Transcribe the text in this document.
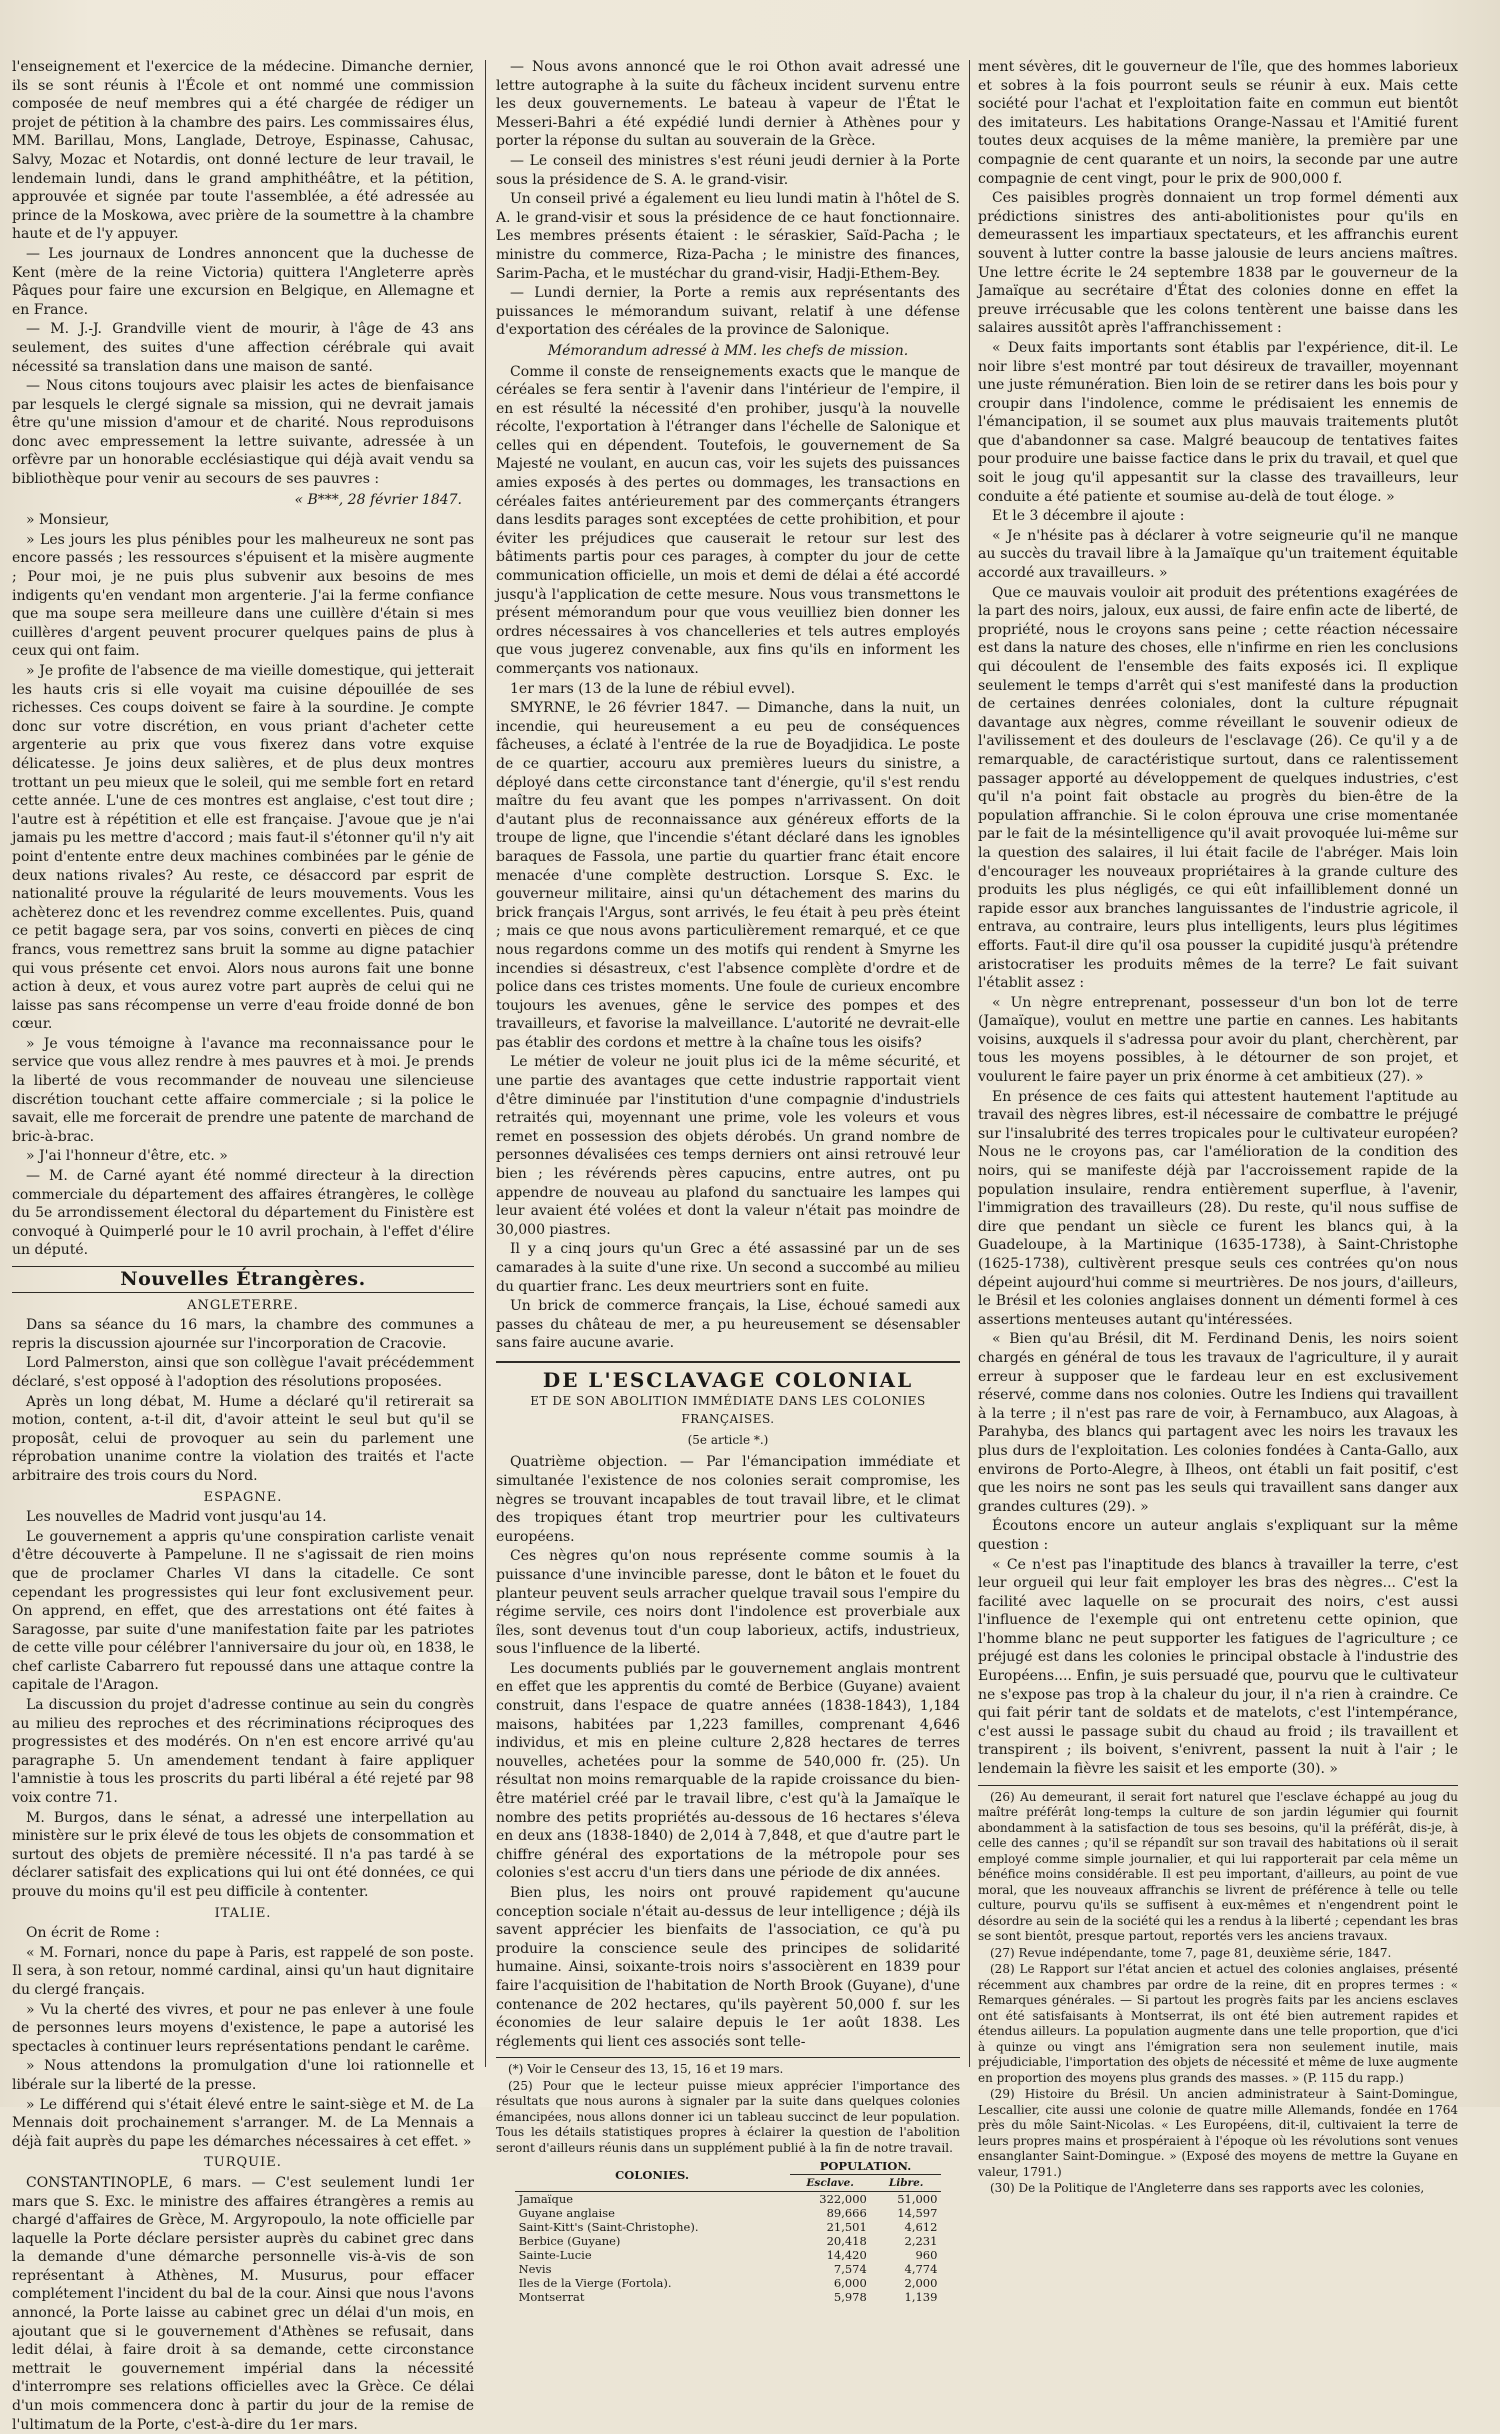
l'enseignement et l'exercice de la médecine. Dimanche dernier, ils se sont réunis à l'École et ont nommé une commission composée de neuf membres qui a été chargée de rédiger un projet de pétition à la chambre des pairs. Les commissaires élus, MM. Barillau, Mons, Langlade, Detroye, Espinasse, Cahusac, Salvy, Mozac et Notardis, ont donné lecture de leur travail, le lendemain lundi, dans le grand amphithéâtre, et la pétition, approuvée et signée par toute l'assemblée, a été adressée au prince de la Moskowa, avec prière de la soumettre à la chambre haute et de l'y appuyer.

— Les journaux de Londres annoncent que la duchesse de Kent (mère de la reine Victoria) quittera l'Angleterre après Pâques pour faire une excursion en Belgique, en Allemagne et en France.

— M. J.-J. Grandville vient de mourir, à l'âge de 43 ans seulement, des suites d'une affection cérébrale qui avait nécessité sa translation dans une maison de santé.

— Nous citons toujours avec plaisir les actes de bienfaisance par lesquels le clergé signale sa mission, qui ne devrait jamais être qu'une mission d'amour et de charité. Nous reproduisons donc avec empressement la lettre suivante, adressée à un orfèvre par un honorable ecclésiastique qui déjà avait vendu sa bibliothèque pour venir au secours de ses pauvres :

« B***, 28 février 1847.

» Monsieur,

» Les jours les plus pénibles pour les malheureux ne sont pas encore passés ; les ressources s'épuisent et la misère augmente ; Pour moi, je ne puis plus subvenir aux besoins de mes indigents qu'en vendant mon argenterie. J'ai la ferme confiance que ma soupe sera meilleure dans une cuillère d'étain si mes cuillères d'argent peuvent procurer quelques pains de plus à ceux qui ont faim.

» Je profite de l'absence de ma vieille domestique, qui jetterait les hauts cris si elle voyait ma cuisine dépouillée de ses richesses. Ces coups doivent se faire à la sourdine. Je compte donc sur votre discrétion, en vous priant d'acheter cette argenterie au prix que vous fixerez dans votre exquise délicatesse. Je joins deux salières, et de plus deux montres trottant un peu mieux que le soleil, qui me semble fort en retard cette année. L'une de ces montres est anglaise, c'est tout dire ; l'autre est à répétition et elle est française. J'avoue que je n'ai jamais pu les mettre d'accord ; mais faut-il s'étonner qu'il n'y ait point d'entente entre deux machines combinées par le génie de deux nations rivales? Au reste, ce désaccord par esprit de nationalité prouve la régularité de leurs mouvements. Vous les achèterez donc et les revendrez comme excellentes. Puis, quand ce petit bagage sera, par vos soins, converti en pièces de cinq francs, vous remettrez sans bruit la somme au digne patachier qui vous présente cet envoi. Alors nous aurons fait une bonne action à deux, et vous aurez votre part auprès de celui qui ne laisse pas sans récompense un verre d'eau froide donné de bon cœur.

» Je vous témoigne à l'avance ma reconnaissance pour le service que vous allez rendre à mes pauvres et à moi. Je prends la liberté de vous recommander de nouveau une silencieuse discrétion touchant cette affaire commerciale ; si la police le savait, elle me forcerait de prendre une patente de marchand de bric-à-brac.

» J'ai l'honneur d'être, etc. »

— M. de Carné ayant été nommé directeur à la direction commerciale du département des affaires étrangères, le collège du 5e arrondissement électoral du département du Finistère est convoqué à Quimperlé pour le 10 avril prochain, à l'effet d'élire un député.

Nouvelles Étrangères.
ANGLETERRE.

Dans sa séance du 16 mars, la chambre des communes a repris la discussion ajournée sur l'incorporation de Cracovie.

Lord Palmerston, ainsi que son collègue l'avait précédemment déclaré, s'est opposé à l'adoption des résolutions proposées.

Après un long débat, M. Hume a déclaré qu'il retirerait sa motion, content, a-t-il dit, d'avoir atteint le seul but qu'il se proposât, celui de provoquer au sein du parlement une réprobation unanime contre la violation des traités et l'acte arbitraire des trois cours du Nord.

ESPAGNE.

Les nouvelles de Madrid vont jusqu'au 14.

Le gouvernement a appris qu'une conspiration carliste venait d'être découverte à Pampelune. Il ne s'agissait de rien moins que de proclamer Charles VI dans la citadelle. Ce sont cependant les progressistes qui leur font exclusivement peur. On apprend, en effet, que des arrestations ont été faites à Saragosse, par suite d'une manifestation faite par les patriotes de cette ville pour célébrer l'anniversaire du jour où, en 1838, le chef carliste Cabarrero fut repoussé dans une attaque contre la capitale de l'Aragon.

La discussion du projet d'adresse continue au sein du congrès au milieu des reproches et des récriminations réciproques des progressistes et des modérés. On n'en est encore arrivé qu'au paragraphe 5. Un amendement tendant à faire appliquer l'amnistie à tous les proscrits du parti libéral a été rejeté par 98 voix contre 71.

M. Burgos, dans le sénat, a adressé une interpellation au ministère sur le prix élevé de tous les objets de consommation et surtout des objets de première nécessité. Il n'a pas tardé à se déclarer satisfait des explications qui lui ont été données, ce qui prouve du moins qu'il est peu difficile à contenter.

ITALIE.

On écrit de Rome :

« M. Fornari, nonce du pape à Paris, est rappelé de son poste. Il sera, à son retour, nommé cardinal, ainsi qu'un haut dignitaire du clergé français.

» Vu la cherté des vivres, et pour ne pas enlever à une foule de personnes leurs moyens d'existence, le pape a autorisé les spectacles à continuer leurs représentations pendant le carême.

» Nous attendons la promulgation d'une loi rationnelle et libérale sur la liberté de la presse.

» Le différend qui s'était élevé entre le saint-siège et M. de La Mennais doit prochainement s'arranger. M. de La Mennais a déjà fait auprès du pape les démarches nécessaires à cet effet. »

TURQUIE.

CONSTANTINOPLE, 6 mars. — C'est seulement lundi 1er mars que S. Exc. le ministre des affaires étrangères a remis au chargé d'affaires de Grèce, M. Argyropoulo, la note officielle par laquelle la Porte déclare persister auprès du cabinet grec dans la demande d'une démarche personnelle vis-à-vis de son représentant à Athènes, M. Musurus, pour effacer complétement l'incident du bal de la cour. Ainsi que nous l'avons annoncé, la Porte laisse au cabinet grec un délai d'un mois, en ajoutant que si le gouvernement d'Athènes se refusait, dans ledit délai, à faire droit à sa demande, cette circonstance mettrait le gouvernement impérial dans la nécessité d'interrompre ses relations officielles avec la Grèce. Ce délai d'un mois commencera donc à partir du jour de la remise de l'ultimatum de la Porte, c'est-à-dire du 1er mars.

— Nous avons annoncé que le roi Othon avait adressé une lettre autographe à la suite du fâcheux incident survenu entre les deux gouvernements. Le bateau à vapeur de l'État le Messeri-Bahri a été expédié lundi dernier à Athènes pour y porter la réponse du sultan au souverain de la Grèce.

— Le conseil des ministres s'est réuni jeudi dernier à la Porte sous la présidence de S. A. le grand-visir.

Un conseil privé a également eu lieu lundi matin à l'hôtel de S. A. le grand-visir et sous la présidence de ce haut fonctionnaire. Les membres présents étaient : le séraskier, Saïd-Pacha ; le ministre du commerce, Riza-Pacha ; le ministre des finances, Sarim-Pacha, et le mustéchar du grand-visir, Hadji-Ethem-Bey.

— Lundi dernier, la Porte a remis aux représentants des puissances le mémorandum suivant, relatif à une défense d'exportation des céréales de la province de Salonique.

Mémorandum adressé à MM. les chefs de mission.

Comme il conste de renseignements exacts que le manque de céréales se fera sentir à l'avenir dans l'intérieur de l'empire, il en est résulté la nécessité d'en prohiber, jusqu'à la nouvelle récolte, l'exportation à l'étranger dans l'échelle de Salonique et celles qui en dépendent. Toutefois, le gouvernement de Sa Majesté ne voulant, en aucun cas, voir les sujets des puissances amies exposés à des pertes ou dommages, les transactions en céréales faites antérieurement par des commerçants étrangers dans lesdits parages sont exceptées de cette prohibition, et pour éviter les préjudices que causerait le retour sur lest des bâtiments partis pour ces parages, à compter du jour de cette communication officielle, un mois et demi de délai a été accordé jusqu'à l'application de cette mesure. Nous vous transmettons le présent mémorandum pour que vous veuilliez bien donner les ordres nécessaires à vos chancelleries et tels autres employés que vous jugerez convenable, aux fins qu'ils en informent les commerçants vos nationaux.

1er mars (13 de la lune de rébiul evvel).

SMYRNE, le 26 février 1847. — Dimanche, dans la nuit, un incendie, qui heureusement a eu peu de conséquences fâcheuses, a éclaté à l'entrée de la rue de Boyadjidica. Le poste de ce quartier, accouru aux premières lueurs du sinistre, a déployé dans cette circonstance tant d'énergie, qu'il s'est rendu maître du feu avant que les pompes n'arrivassent. On doit d'autant plus de reconnaissance aux généreux efforts de la troupe de ligne, que l'incendie s'étant déclaré dans les ignobles baraques de Fassola, une partie du quartier franc était encore menacée d'une complète destruction. Lorsque S. Exc. le gouverneur militaire, ainsi qu'un détachement des marins du brick français l'Argus, sont arrivés, le feu était à peu près éteint ; mais ce que nous avons particulièrement remarqué, et ce que nous regardons comme un des motifs qui rendent à Smyrne les incendies si désastreux, c'est l'absence complète d'ordre et de police dans ces tristes moments. Une foule de curieux encombre toujours les avenues, gêne le service des pompes et des travailleurs, et favorise la malveillance. L'autorité ne devrait-elle pas établir des cordons et mettre à la chaîne tous les oisifs?

Le métier de voleur ne jouit plus ici de la même sécurité, et une partie des avantages que cette industrie rapportait vient d'être diminuée par l'institution d'une compagnie d'industriels retraités qui, moyennant une prime, vole les voleurs et vous remet en possession des objets dérobés. Un grand nombre de personnes dévalisées ces temps derniers ont ainsi retrouvé leur bien ; les révérends pères capucins, entre autres, ont pu appendre de nouveau au plafond du sanctuaire les lampes qui leur avaient été volées et dont la valeur n'était pas moindre de 30,000 piastres.

Il y a cinq jours qu'un Grec a été assassiné par un de ses camarades à la suite d'une rixe. Un second a succombé au milieu du quartier franc. Les deux meurtriers sont en fuite.

Un brick de commerce français, la Lise, échoué samedi aux passes du château de mer, a pu heureusement se désensabler sans faire aucune avarie.

DE L'ESCLAVAGE COLONIAL
ET DE SON ABOLITION IMMÉDIATE DANS LES COLONIES FRANÇAISES.
(5e article *.)

Quatrième objection. — Par l'émancipation immédiate et simultanée l'existence de nos colonies serait compromise, les nègres se trouvant incapables de tout travail libre, et le climat des tropiques étant trop meurtrier pour les cultivateurs européens.

Ces nègres qu'on nous représente comme soumis à la puissance d'une invincible paresse, dont le bâton et le fouet du planteur peuvent seuls arracher quelque travail sous l'empire du régime servile, ces noirs dont l'indolence est proverbiale aux îles, sont devenus tout d'un coup laborieux, actifs, industrieux, sous l'influence de la liberté.

Les documents publiés par le gouvernement anglais montrent en effet que les apprentis du comté de Berbice (Guyane) avaient construit, dans l'espace de quatre années (1838-1843), 1,184 maisons, habitées par 1,223 familles, comprenant 4,646 individus, et mis en pleine culture 2,828 hectares de terres nouvelles, achetées pour la somme de 540,000 fr. (25). Un résultat non moins remarquable de la rapide croissance du bien-être matériel créé par le travail libre, c'est qu'à la Jamaïque le nombre des petits propriétés au-dessous de 16 hectares s'éleva en deux ans (1838-1840) de 2,014 à 7,848, et que d'autre part le chiffre général des exportations de la métropole pour ses colonies s'est accru d'un tiers dans une période de dix années.

Bien plus, les noirs ont prouvé rapidement qu'aucune conception sociale n'était au-dessus de leur intelligence ; déjà ils savent apprécier les bienfaits de l'association, ce qu'à pu produire la conscience seule des principes de solidarité humaine. Ainsi, soixante-trois noirs s'associèrent en 1839 pour faire l'acquisition de l'habitation de North Brook (Guyane), d'une contenance de 202 hectares, qu'ils payèrent 50,000 f. sur les économies de leur salaire depuis le 1er août 1838. Les réglements qui lient ces associés sont telle-

(*) Voir le Censeur des 13, 15, 16 et 19 mars.

(25) Pour que le lecteur puisse mieux apprécier l'importance des résultats que nous aurons à signaler par la suite dans quelques colonies émancipées, nous allons donner ici un tableau succinct de leur population. Tous les détails statistiques propres à éclairer la question de l'abolition seront d'ailleurs réunis dans un supplément publié à la fin de notre travail.

COLONIES.	POPULATION.	
	Esclave.	Libre.
Jamaïque	322,000	51,000
Guyane anglaise	89,666	14,597
Saint-Kitt's (Saint-Christophe).	21,501	4,612
Berbice (Guyane)	20,418	2,231
Sainte-Lucie	14,420	960
Nevis	7,574	4,774
Iles de la Vierge (Fortola).	6,000	2,000
Montserrat	5,978	1,139

ment sévères, dit le gouverneur de l'île, que des hommes laborieux et sobres à la fois pourront seuls se réunir à eux. Mais cette société pour l'achat et l'exploitation faite en commun eut bientôt des imitateurs. Les habitations Orange-Nassau et l'Amitié furent toutes deux acquises de la même manière, la première par une compagnie de cent quarante et un noirs, la seconde par une autre compagnie de cent vingt, pour le prix de 900,000 f.

Ces paisibles progrès donnaient un trop formel démenti aux prédictions sinistres des anti-abolitionistes pour qu'ils en demeurassent les impartiaux spectateurs, et les affranchis eurent souvent à lutter contre la basse jalousie de leurs anciens maîtres. Une lettre écrite le 24 septembre 1838 par le gouverneur de la Jamaïque au secrétaire d'État des colonies donne en effet la preuve irrécusable que les colons tentèrent une baisse dans les salaires aussitôt après l'affranchissement :

« Deux faits importants sont établis par l'expérience, dit-il. Le noir libre s'est montré par tout désireux de travailler, moyennant une juste rémunération. Bien loin de se retirer dans les bois pour y croupir dans l'indolence, comme le prédisaient les ennemis de l'émancipation, il se soumet aux plus mauvais traitements plutôt que d'abandonner sa case. Malgré beaucoup de tentatives faites pour produire une baisse factice dans le prix du travail, et quel que soit le joug qu'il appesantit sur la classe des travailleurs, leur conduite a été patiente et soumise au-delà de tout éloge. »

Et le 3 décembre il ajoute :

« Je n'hésite pas à déclarer à votre seigneurie qu'il ne manque au succès du travail libre à la Jamaïque qu'un traitement équitable accordé aux travailleurs. »

Que ce mauvais vouloir ait produit des prétentions exagérées de la part des noirs, jaloux, eux aussi, de faire enfin acte de liberté, de propriété, nous le croyons sans peine ; cette réaction nécessaire est dans la nature des choses, elle n'infirme en rien les conclusions qui découlent de l'ensemble des faits exposés ici. Il explique seulement le temps d'arrêt qui s'est manifesté dans la production de certaines denrées coloniales, dont la culture répugnait davantage aux nègres, comme réveillant le souvenir odieux de l'avilissement et des douleurs de l'esclavage (26). Ce qu'il y a de remarquable, de caractéristique surtout, dans ce ralentissement passager apporté au développement de quelques industries, c'est qu'il n'a point fait obstacle au progrès du bien-être de la population affranchie. Si le colon éprouva une crise momentanée par le fait de la mésintelligence qu'il avait provoquée lui-même sur la question des salaires, il lui était facile de l'abréger. Mais loin d'encourager les nouveaux propriétaires à la grande culture des produits les plus négligés, ce qui eût infailliblement donné un rapide essor aux branches languissantes de l'industrie agricole, il entrava, au contraire, leurs plus intelligents, leurs plus légitimes efforts. Faut-il dire qu'il osa pousser la cupidité jusqu'à prétendre aristocratiser les produits mêmes de la terre? Le fait suivant l'établit assez :

« Un nègre entreprenant, possesseur d'un bon lot de terre (Jamaïque), voulut en mettre une partie en cannes. Les habitants voisins, auxquels il s'adressa pour avoir du plant, cherchèrent, par tous les moyens possibles, à le détourner de son projet, et voulurent le faire payer un prix énorme à cet ambitieux (27). »

En présence de ces faits qui attestent hautement l'aptitude au travail des nègres libres, est-il nécessaire de combattre le préjugé sur l'insalubrité des terres tropicales pour le cultivateur européen? Nous ne le croyons pas, car l'amélioration de la condition des noirs, qui se manifeste déjà par l'accroissement rapide de la population insulaire, rendra entièrement superflue, à l'avenir, l'immigration des travailleurs (28). Du reste, qu'il nous suffise de dire que pendant un siècle ce furent les blancs qui, à la Guadeloupe, à la Martinique (1635-1738), à Saint-Christophe (1625-1738), cultivèrent presque seuls ces contrées qu'on nous dépeint aujourd'hui comme si meurtrières. De nos jours, d'ailleurs, le Brésil et les colonies anglaises donnent un démenti formel à ces assertions menteuses autant qu'intéressées.

« Bien qu'au Brésil, dit M. Ferdinand Denis, les noirs soient chargés en général de tous les travaux de l'agriculture, il y aurait erreur à supposer que le fardeau leur en est exclusivement réservé, comme dans nos colonies. Outre les Indiens qui travaillent à la terre ; il n'est pas rare de voir, à Fernambuco, aux Alagoas, à Parahyba, des blancs qui partagent avec les noirs les travaux les plus durs de l'exploitation. Les colonies fondées à Canta-Gallo, aux environs de Porto-Alegre, à Ilheos, ont établi un fait positif, c'est que les noirs ne sont pas les seuls qui travaillent sans danger aux grandes cultures (29). »

Écoutons encore un auteur anglais s'expliquant sur la même question :

« Ce n'est pas l'inaptitude des blancs à travailler la terre, c'est leur orgueil qui leur fait employer les bras des nègres... C'est la facilité avec laquelle on se procurait des noirs, c'est aussi l'influence de l'exemple qui ont entretenu cette opinion, que l'homme blanc ne peut supporter les fatigues de l'agriculture ; ce préjugé est dans les colonies le principal obstacle à l'industrie des Européens.... Enfin, je suis persuadé que, pourvu que le cultivateur ne s'expose pas trop à la chaleur du jour, il n'a rien à craindre. Ce qui fait périr tant de soldats et de matelots, c'est l'intempérance, c'est aussi le passage subit du chaud au froid ; ils travaillent et transpirent ; ils boivent, s'enivrent, passent la nuit à l'air ; le lendemain la fièvre les saisit et les emporte (30). »

(26) Au demeurant, il serait fort naturel que l'esclave échappé au joug du maître préférât long-temps la culture de son jardin légumier qui fournit abondamment à la satisfaction de tous ses besoins, qu'il la préférât, dis-je, à celle des cannes ; qu'il se répandît sur son travail des habitations où il serait employé comme simple journalier, et qui lui rapporterait par cela même un bénéfice moins considérable. Il est peu important, d'ailleurs, au point de vue moral, que les nouveaux affranchis se livrent de préférence à telle ou telle culture, pourvu qu'ils se suffisent à eux-mêmes et n'engendrent point le désordre au sein de la société qui les a rendus à la liberté ; cependant les bras se sont bientôt, presque partout, reportés vers les anciens travaux.

(27) Revue indépendante, tome 7, page 81, deuxième série, 1847.

(28) Le Rapport sur l'état ancien et actuel des colonies anglaises, présenté récemment aux chambres par ordre de la reine, dit en propres termes : « Remarques générales. — Si partout les progrès faits par les anciens esclaves ont été satisfaisants à Montserrat, ils ont été bien autrement rapides et étendus ailleurs. La population augmente dans une telle proportion, que d'ici à quinze ou vingt ans l'émigration sera non seulement inutile, mais préjudiciable, l'importation des objets de nécessité et même de luxe augmente en proportion des moyens plus grands des masses. » (P. 115 du rapp.)

(29) Histoire du Brésil. Un ancien administrateur à Saint-Domingue, Lescallier, cite aussi une colonie de quatre mille Allemands, fondée en 1764 près du môle Saint-Nicolas. « Les Européens, dit-il, cultivaient la terre de leurs propres mains et prospéraient à l'époque où les révolutions sont venues ensanglanter Saint-Domingue. » (Exposé des moyens de mettre la Guyane en valeur, 1791.)

(30) De la Politique de l'Angleterre dans ses rapports avec les colonies,
